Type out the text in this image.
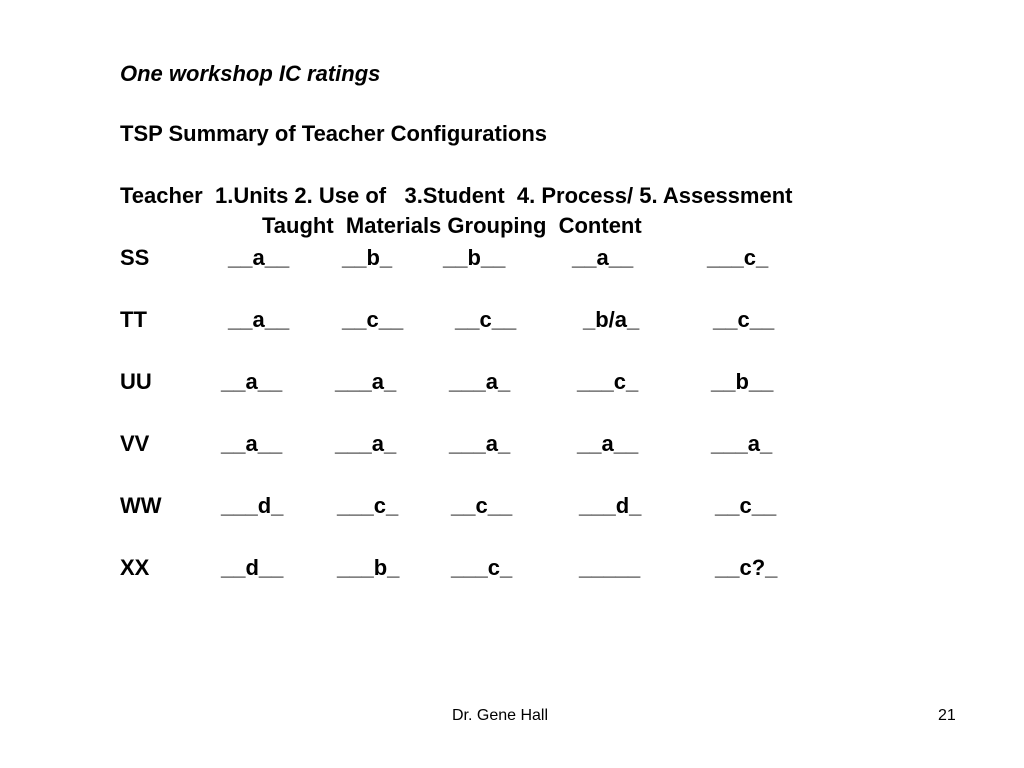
One workshop IC ratings
TSP Summary of Teacher Configurations
Teacher  1.Units 2. Use of   3.Student  4. Process/ 5. Assessment
Taught  Materials Grouping  Content
SS	__a__ __b_ __b__	__a__	___c_
TT	__a__ __c__ __c__	_b/a_	__c__
UU	__a__ ___a_ ___a_	___c_	__b__
VV	__a__ ___a_ ___a_	__a__	___a_
WW	___d_ ___c_ __c__	___d_	__c__
XX	__d__ ___b_ ___c_	_____	__c?_
Dr. Gene Hall	21
